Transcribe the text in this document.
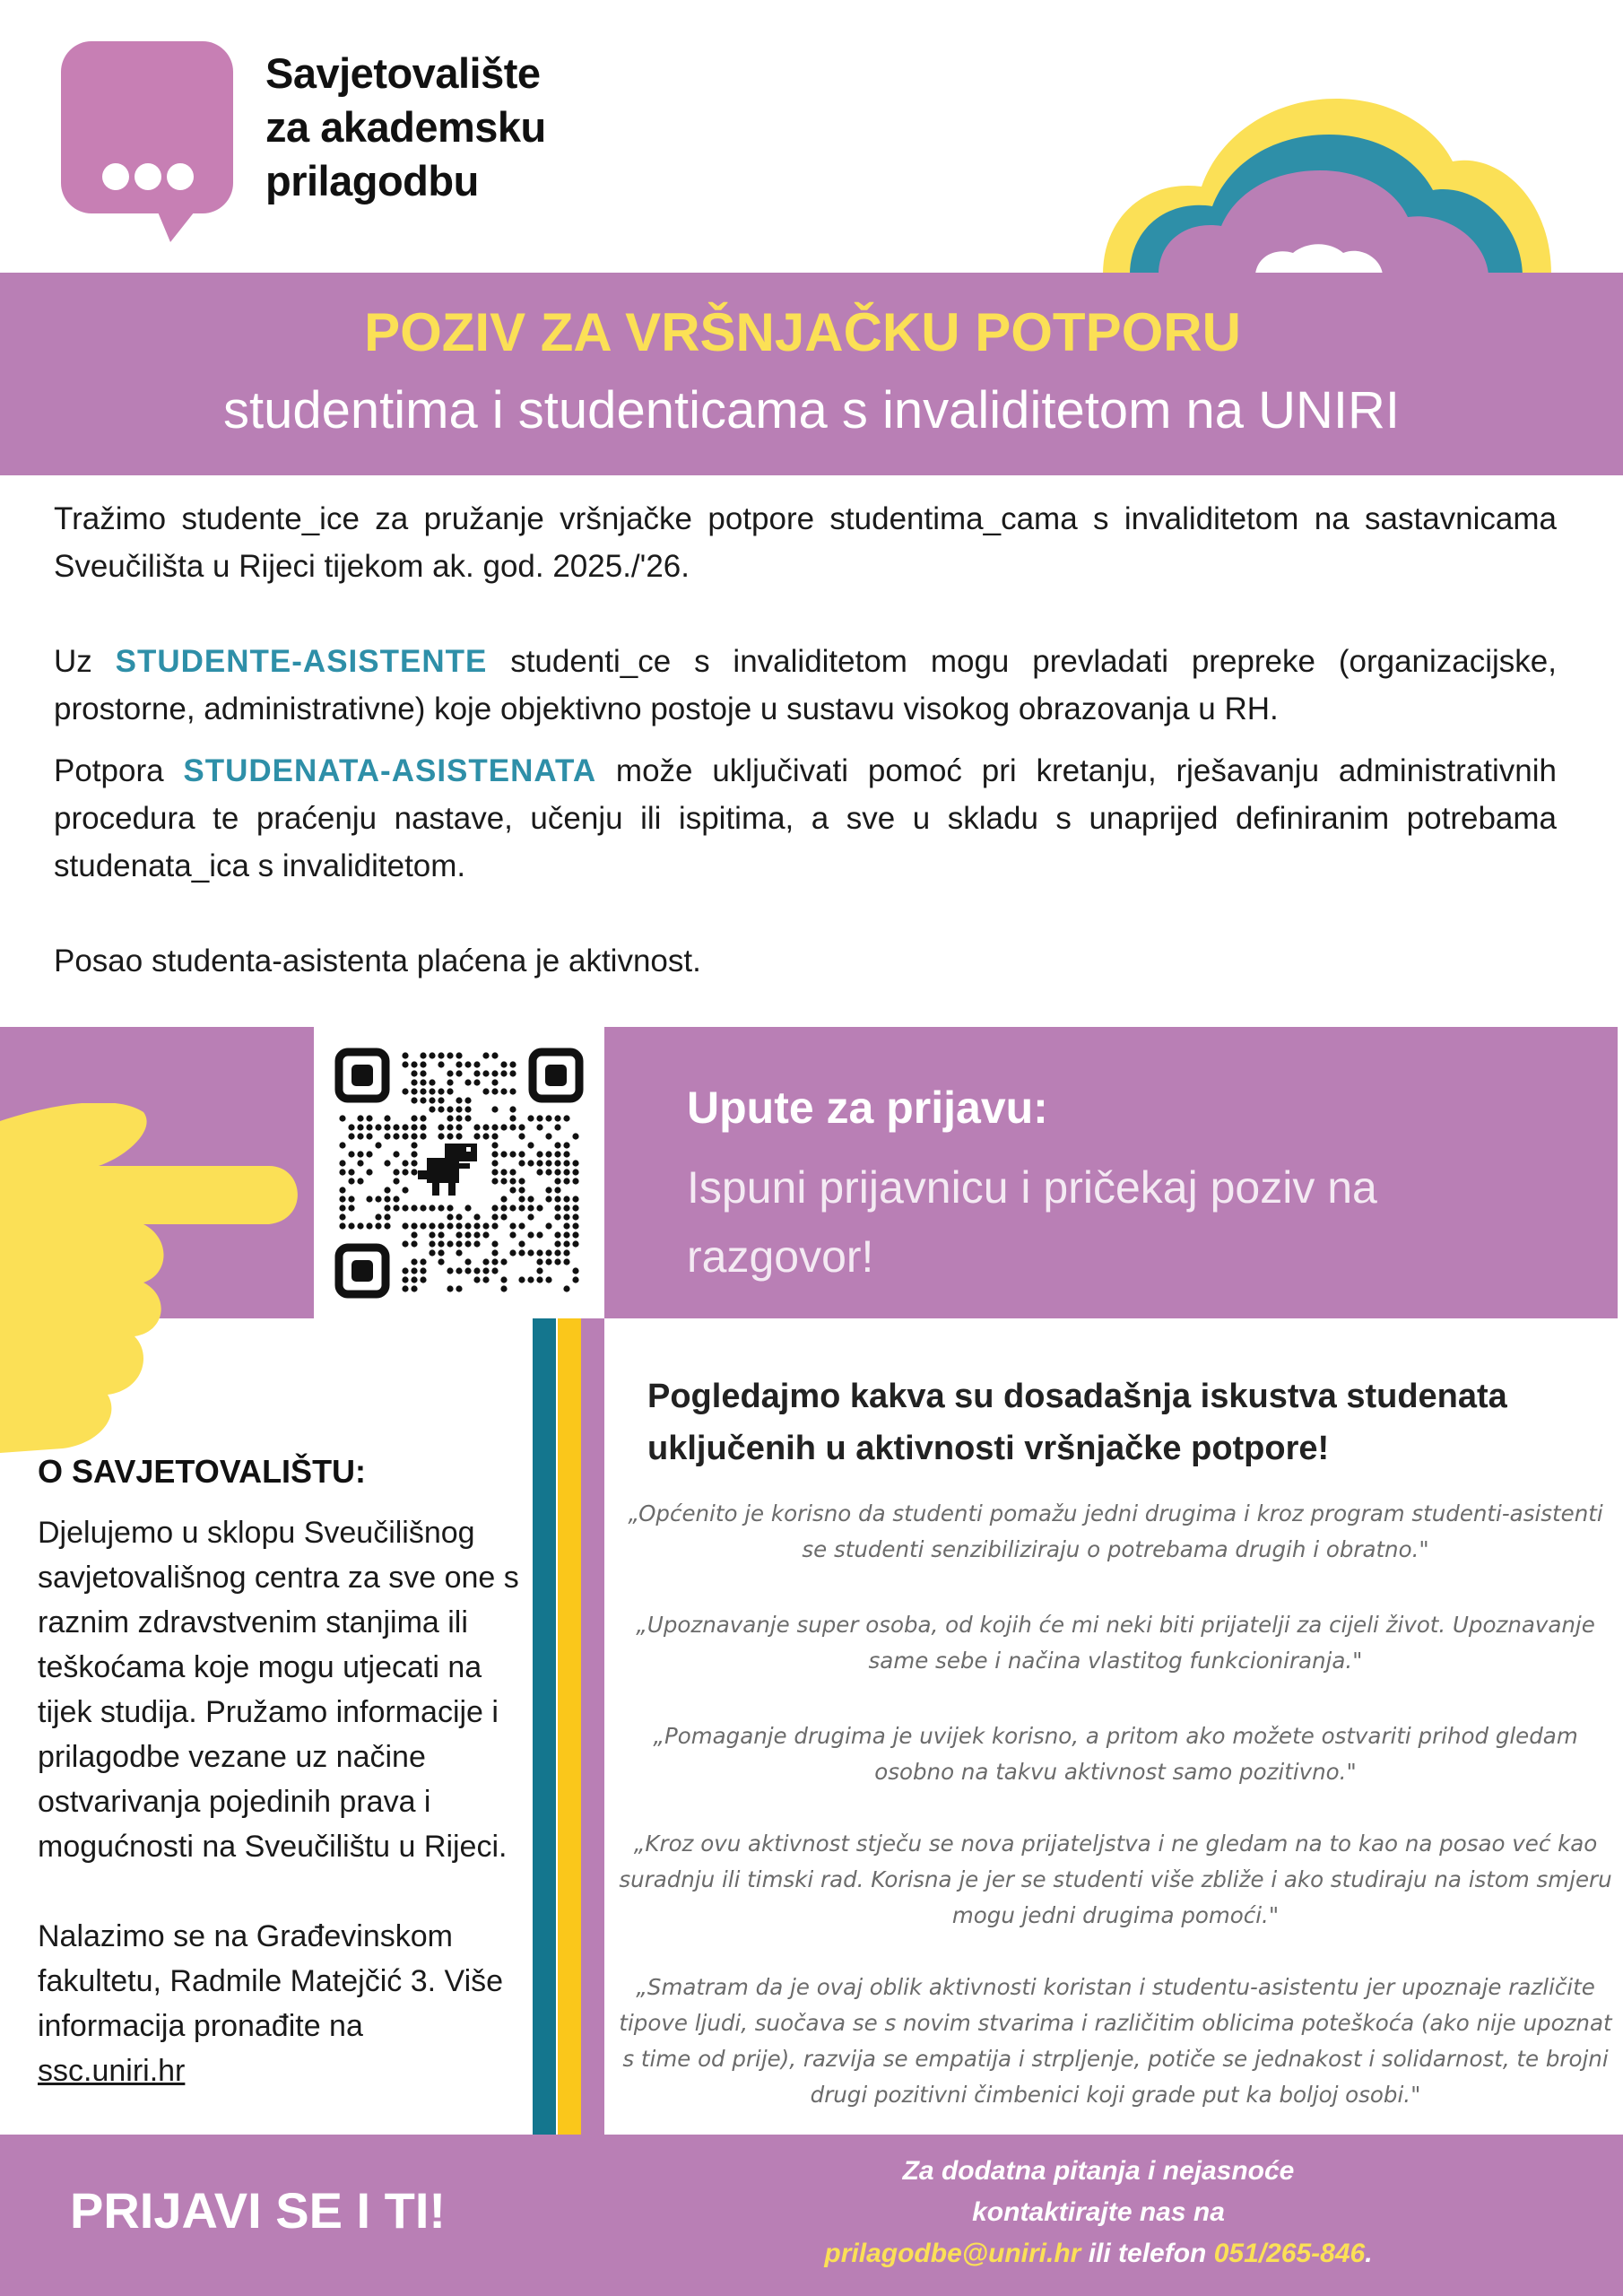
Savjetovalište
za akademsku
prilagodbu
POZIV ZA VRŠNJAČKU POTPORU
studentima i studenticama s invaliditetom na UNIRI

Tražimo studente_ice za pružanje vršnjačke potpore studentima_cama s invaliditetom na sastavnicama Sveučilišta u Rijeci tijekom ak. god. 2025./'26.

Uz STUDENTE-ASISTENTE studenti_ce s invaliditetom mogu prevladati prepreke (organizacijske, prostorne, administrativne) koje objektivno postoje u sustavu visokog obrazovanja u RH.

Potpora STUDENATA-ASISTENATA može uključivati pomoć pri kretanju, rješavanju administrativnih procedura te praćenju nastave, učenju ili ispitima, a sve u skladu s unaprijed definiranim potrebama studenata_ica s invaliditetom.

Posao studenta-asistenta plaćena je aktivnost.

Upute za prijavu:
Ispuni prijavnicu i pričekaj poziv na razgovor!
O SAVJETOVALIŠTU:

Djelujemo u sklopu Sveučilišnog savjetovališnog centra za sve one s raznim zdravstvenim stanjima ili teškoćama koje mogu utjecati na tijek studija. Pružamo informacije i prilagodbe vezane uz načine ostvarivanja pojedinih prava i mogućnosti na Sveučilištu u Rijeci.

Nalazimo se na Građevinskom fakultetu, Radmile Matejčić 3. Više informacija pronađite na
ssc.uniri.hr

Pogledajmo kakva su dosadašnja iskustva studenata uključenih u aktivnosti vršnjačke potpore!
„Općenito je korisno da studenti pomažu jedni drugima i kroz program studenti-asistenti se studenti senzibiliziraju o potrebama drugih i obratno."
„Upoznavanje super osoba, od kojih će mi neki biti prijatelji za cijeli život. Upoznavanje same sebe i načina vlastitog funkcioniranja."
„Pomaganje drugima je uvijek korisno, a pritom ako možete ostvariti prihod gledam osobno na takvu aktivnost samo pozitivno."
„Kroz ovu aktivnost stječu se nova prijateljstva i ne gledam na to kao na posao već kao suradnju ili timski rad. Korisna je jer se studenti više zbliže i ako studiraju na istom smjeru mogu jedni drugima pomoći."
„Smatram da je ovaj oblik aktivnosti koristan i studentu-asistentu jer upoznaje različite tipove ljudi, suočava se s novim stvarima i različitim oblicima poteškoća (ako nije upoznat s time od prije), razvija se empatija i strpljenje, potiče se jednakost i solidarnost, te brojni drugi pozitivni čimbenici koji grade put ka boljoj osobi."
PRIJAVI SE I TI!
Za dodatna pitanja i nejasnoće
kontaktirajte nas na
prilagodbe@uniri.hr ili telefon 051/265-846.
